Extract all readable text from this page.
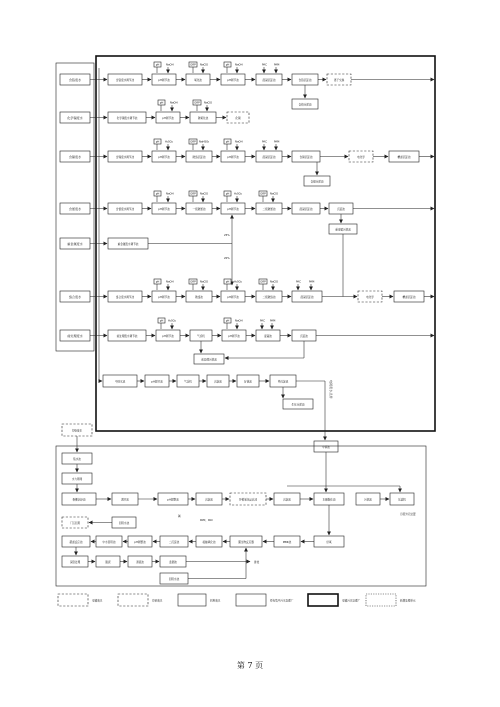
含铬废水
化学镍废水
含镍废水
含氰废水
重金属废水
络合废水
前处理废水
含铬废水调节池	pH调节池	氧化池	pH调节池	混凝沉淀池	含铬沉淀池	离子交换
含铬污泥池
pH	NaOH	ORP NaClO	pH NaOH	PAC	PAM
化学镍废水调节池	pH调节池	破氧化池	化镍
pH	NaOH	ORP NaClO
含镍废水调节池	pH调节池	破络沉淀池	pH调节池	混凝沉淀池	含镍沉淀池	电化学	精滤沉淀池
含镍污泥池
pH H₂SO₄	ORP NaHSO₃	pH NaOH	PAC	PAM
含氰废水调节池	pH调节池	一级破氰池	pH调节池	二级破氰池	混凝沉淀池	沉淀池
重金属污泥池
pH	NaOH	ORP NaClO	pH H₂SO₄	ORP NaClO
重金属废水调节池
25%
20%
络合废水调节池	pH调节池	破络池	pH调节池	二级破络池	混凝沉淀池	电化学	精滤沉淀池
pH	NaOH	ORP NaClO	pH H₂SO₄	ORP NaClO	PAC	PAM
前处理废水调节池	pH调节池	气浮机	pH调节池	混凝池	沉淀池
前处理污泥池
pH H₂SO₄	pH NaOH	PAC PAM
中间水池	pH调节池	气浮机	沉淀池	好氧池	终沉淀池
生化污泥池
电镀废水总排
中间池
印染废水
集水池
水力筛网
格栅沉砂池	调节池	pH调整池	沉淀池	芬顿氧化反应池	沉淀池	水解酸化池	污泥池	压滤机
污泥外运处置
碱
PAM、PAC
回用水池
厂区回用
超滤反应池	中水回用池	pH调整池	二沉淀池	接触氧化池	膜生物反应器	MBR池	好氧
深度处理	脱泥	清液池	监测池	排放
回用水池
电镀废水	印染废水	回用废水	原有集中污水处理厂	电镀污水处理厂	新增处理单元
第 7 页
